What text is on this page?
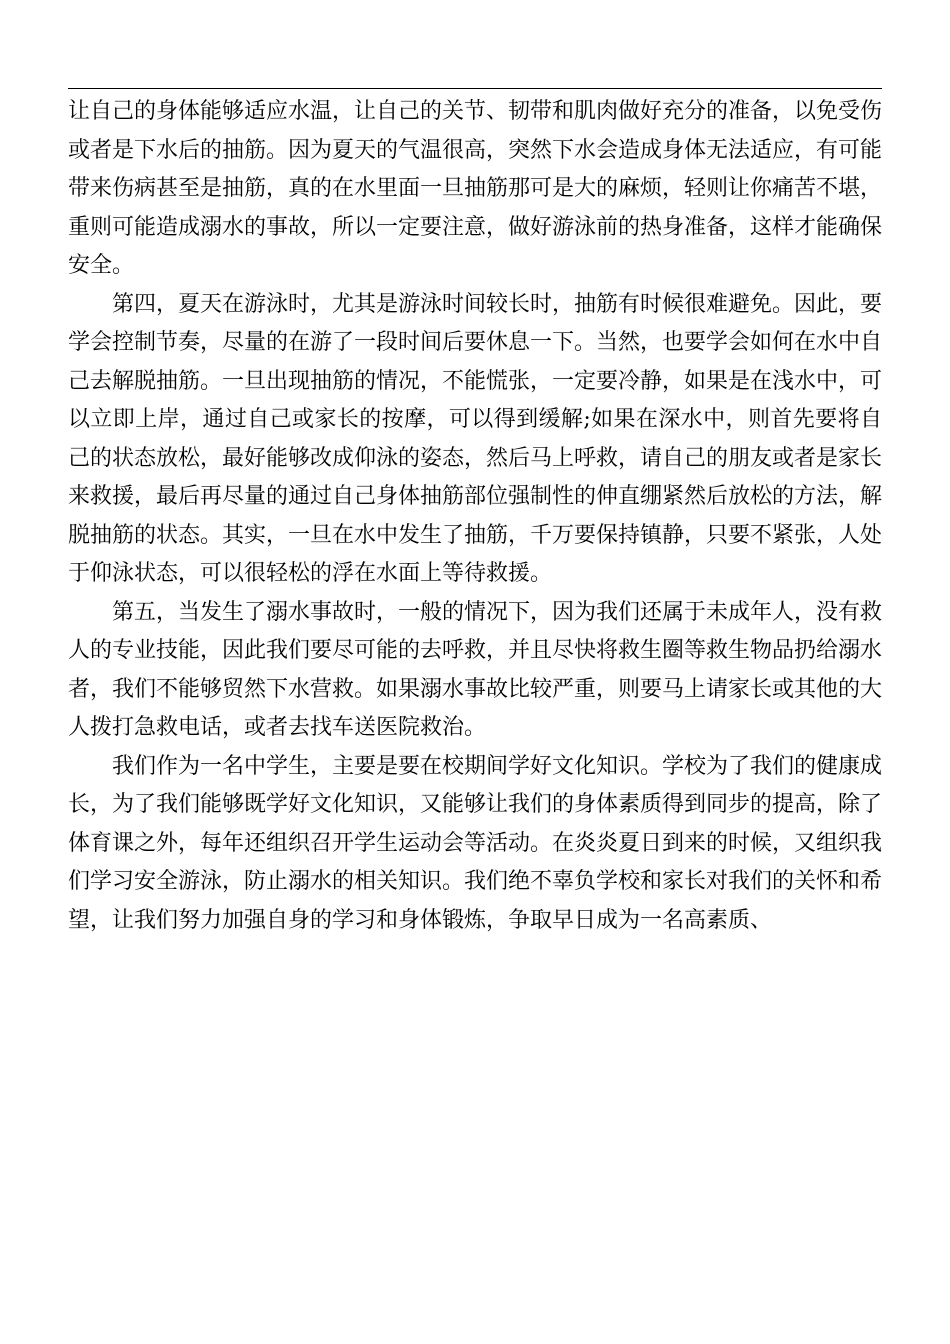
让自己的身体能够适应水温，让自己的关节、韧带和肌肉做好充分的准备，以免受伤或者是下水后的抽筋。因为夏天的气温很高，突然下水会造成身体无法适应，有可能带来伤病甚至是抽筋，真的在水里面一旦抽筋那可是大的麻烦，轻则让你痛苦不堪，重则可能造成溺水的事故，所以一定要注意，做好游泳前的热身准备，这样才能确保安全。

第四，夏天在游泳时，尤其是游泳时间较长时，抽筋有时候很难避免。因此，要学会控制节奏，尽量的在游了一段时间后要休息一下。当然，也要学会如何在水中自己去解脱抽筋。一旦出现抽筋的情况，不能慌张，一定要冷静，如果是在浅水中，可以立即上岸，通过自己或家长的按摩，可以得到缓解;如果在深水中，则首先要将自己的状态放松，最好能够改成仰泳的姿态，然后马上呼救，请自己的朋友或者是家长来救援，最后再尽量的通过自己身体抽筋部位强制性的伸直绷紧然后放松的方法，解脱抽筋的状态。其实，一旦在水中发生了抽筋，千万要保持镇静，只要不紧张，人处于仰泳状态，可以很轻松的浮在水面上等待救援。

第五，当发生了溺水事故时，一般的情况下，因为我们还属于未成年人，没有救人的专业技能，因此我们要尽可能的去呼救，并且尽快将救生圈等救生物品扔给溺水者，我们不能够贸然下水营救。如果溺水事故比较严重，则要马上请家长或其他的大人拨打急救电话，或者去找车送医院救治。

我们作为一名中学生，主要是要在校期间学好文化知识。学校为了我们的健康成长，为了我们能够既学好文化知识，又能够让我们的身体素质得到同步的提高，除了体育课之外，每年还组织召开学生运动会等活动。在炎炎夏日到来的时候，又组织我们学习安全游泳，防止溺水的相关知识。我们绝不辜负学校和家长对我们的关怀和希望，让我们努力加强自身的学习和身体锻炼，争取早日成为一名高素质、
